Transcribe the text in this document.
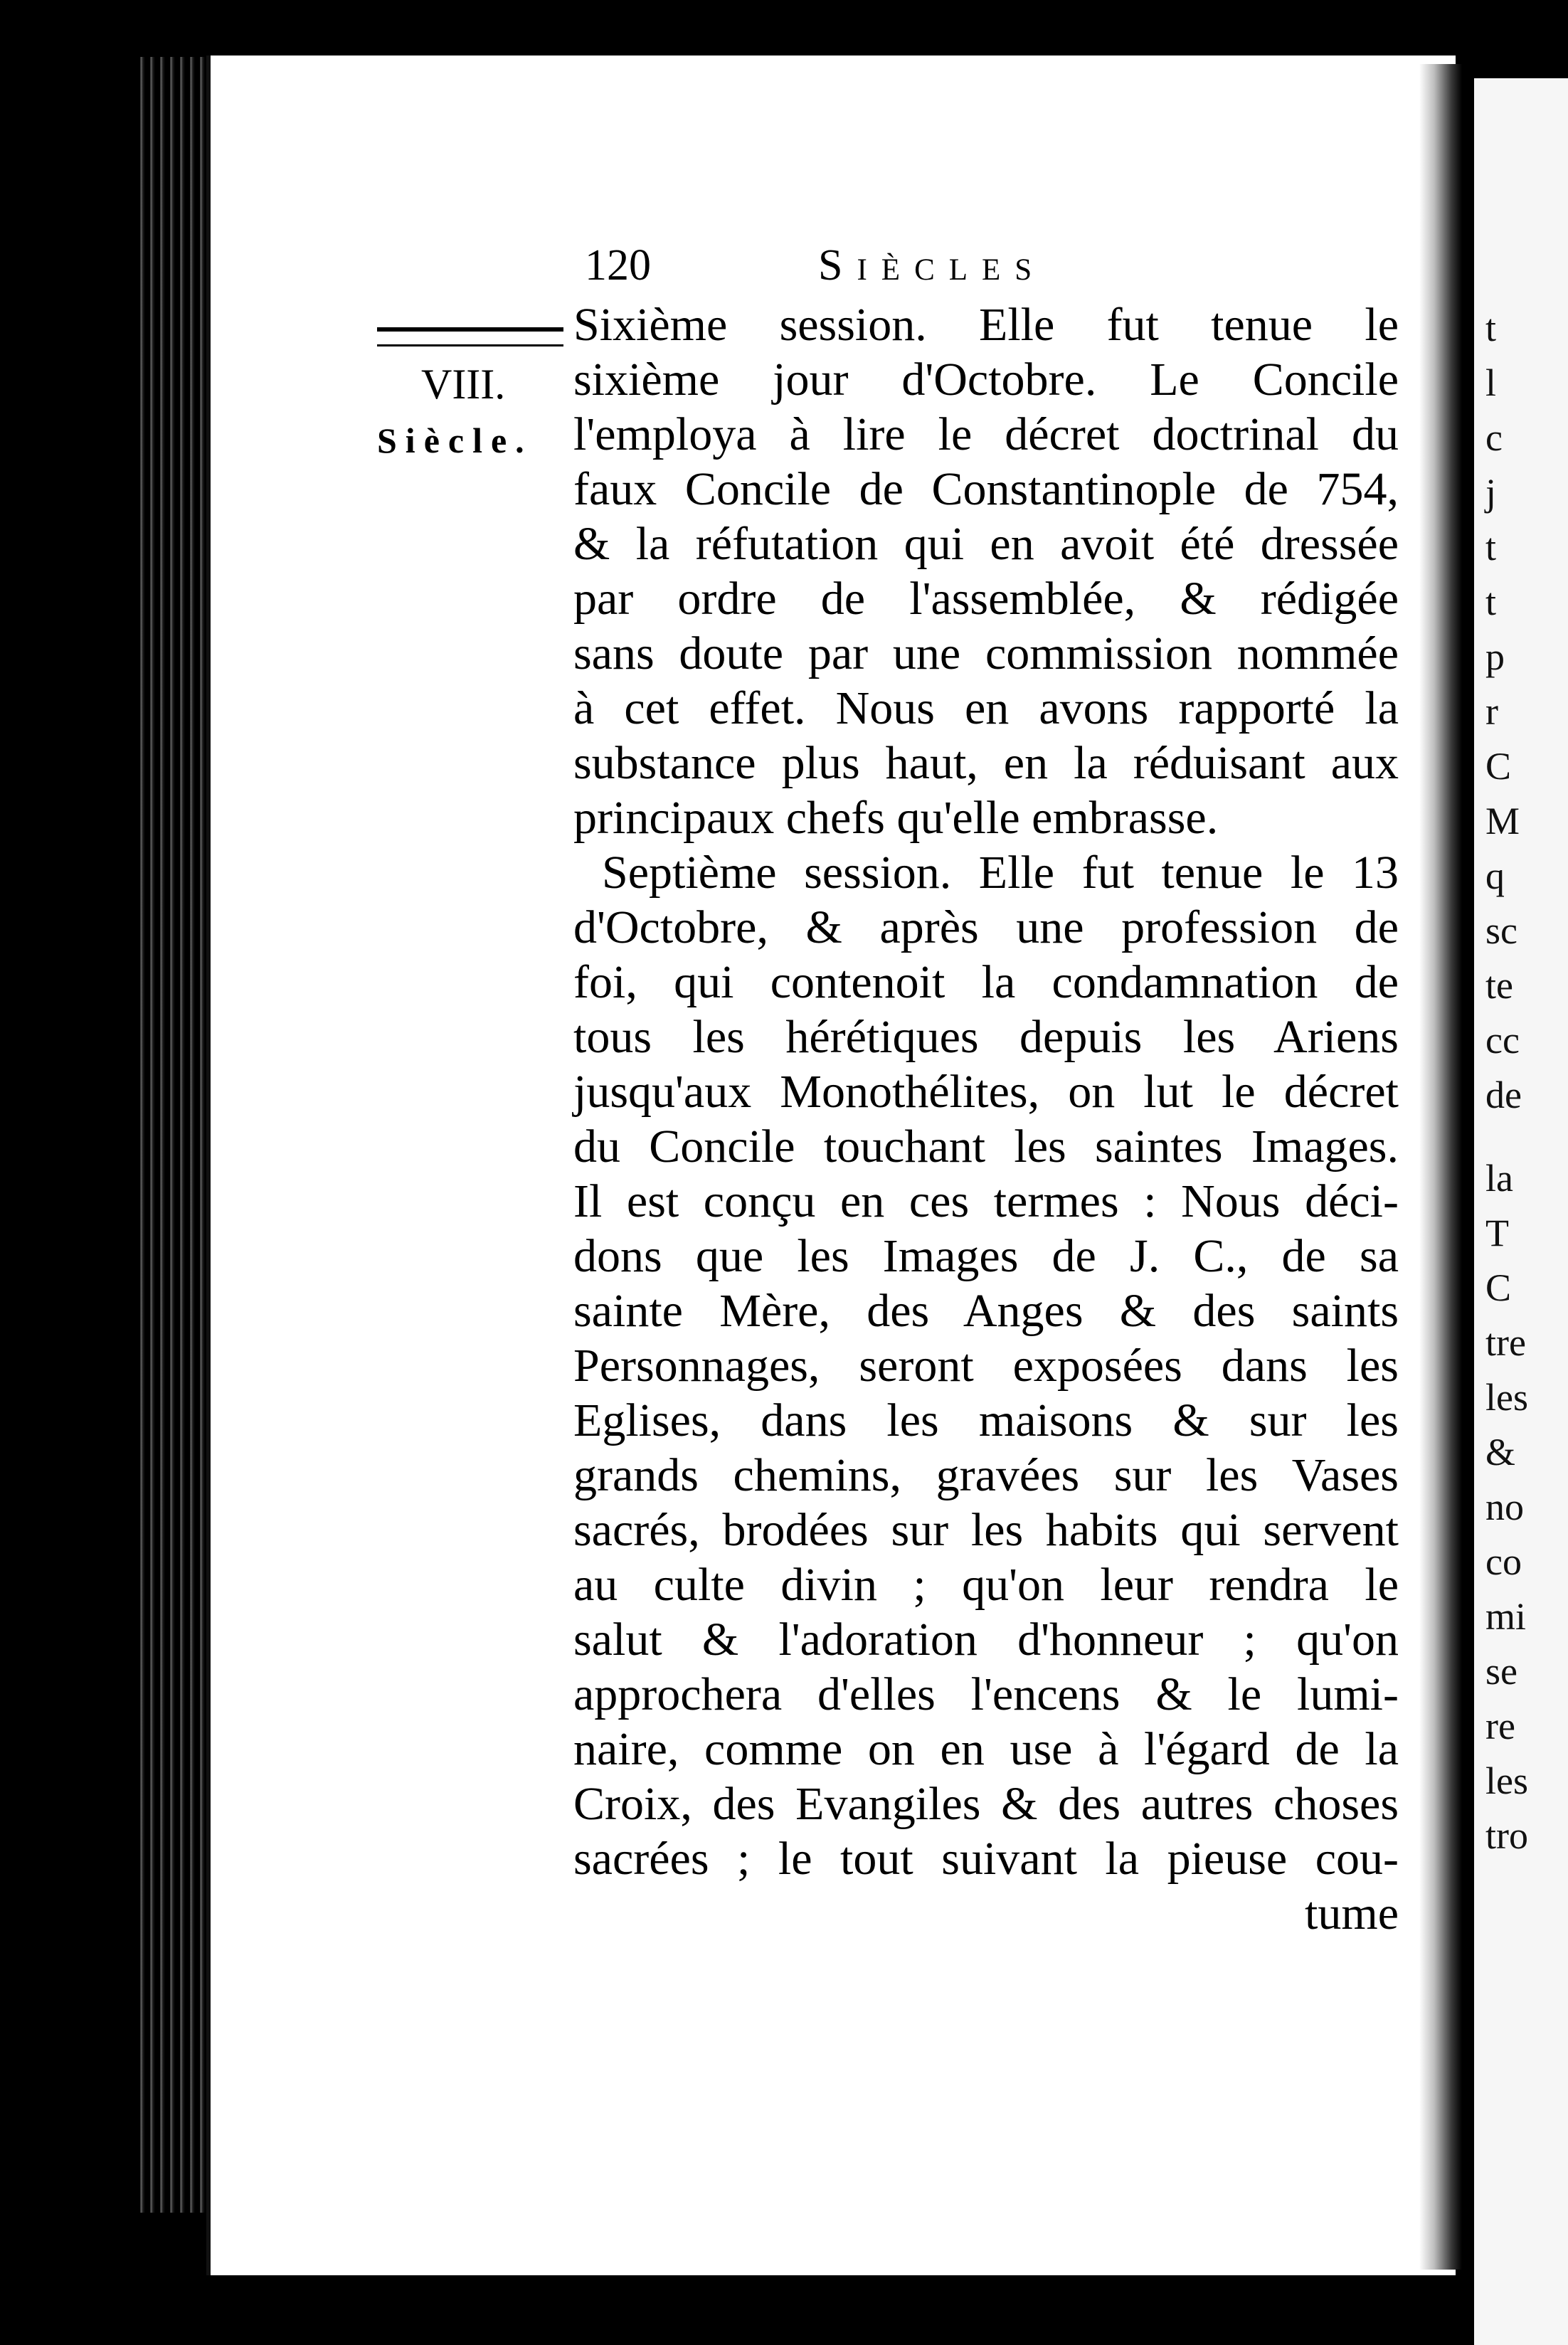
t
l
c
j
t
t
p
r
C
M
q
sc
te
cc
de
la
T
C
tre
les
&
no
co
mi
se
re
les
tro
120	Siècles
VIII.
Siècle.
Sixième session. Elle fut tenue le
sixième jour d'Octobre. Le Concile
l'employa à lire le décret doctrinal du
faux Concile de Constantinople de 754,
& la réfutation qui en avoit été dressée
par ordre de l'assemblée, & rédigée
sans doute par une commission nommée
à cet effet. Nous en avons rapporté la
substance plus haut, en la réduisant aux
principaux chefs qu'elle embrasse.
Septième session. Elle fut tenue le 13
d'Octobre, & après une profession de
foi, qui contenoit la condamnation de
tous les hérétiques depuis les Ariens
jusqu'aux Monothélites, on lut le décret
du Concile touchant les saintes Images.
Il est conçu en ces termes : Nous déci-
dons que les Images de J. C., de sa
sainte Mère, des Anges & des saints
Personnages, seront exposées dans les
Eglises, dans les maisons & sur les
grands chemins, gravées sur les Vases
sacrés, brodées sur les habits qui servent
au culte divin ; qu'on leur rendra le
salut & l'adoration d'honneur ; qu'on
approchera d'elles l'encens & le lumi-
naire, comme on en use à l'égard de la
Croix, des Evangiles & des autres choses
sacrées ; le tout suivant la pieuse cou-
tume
